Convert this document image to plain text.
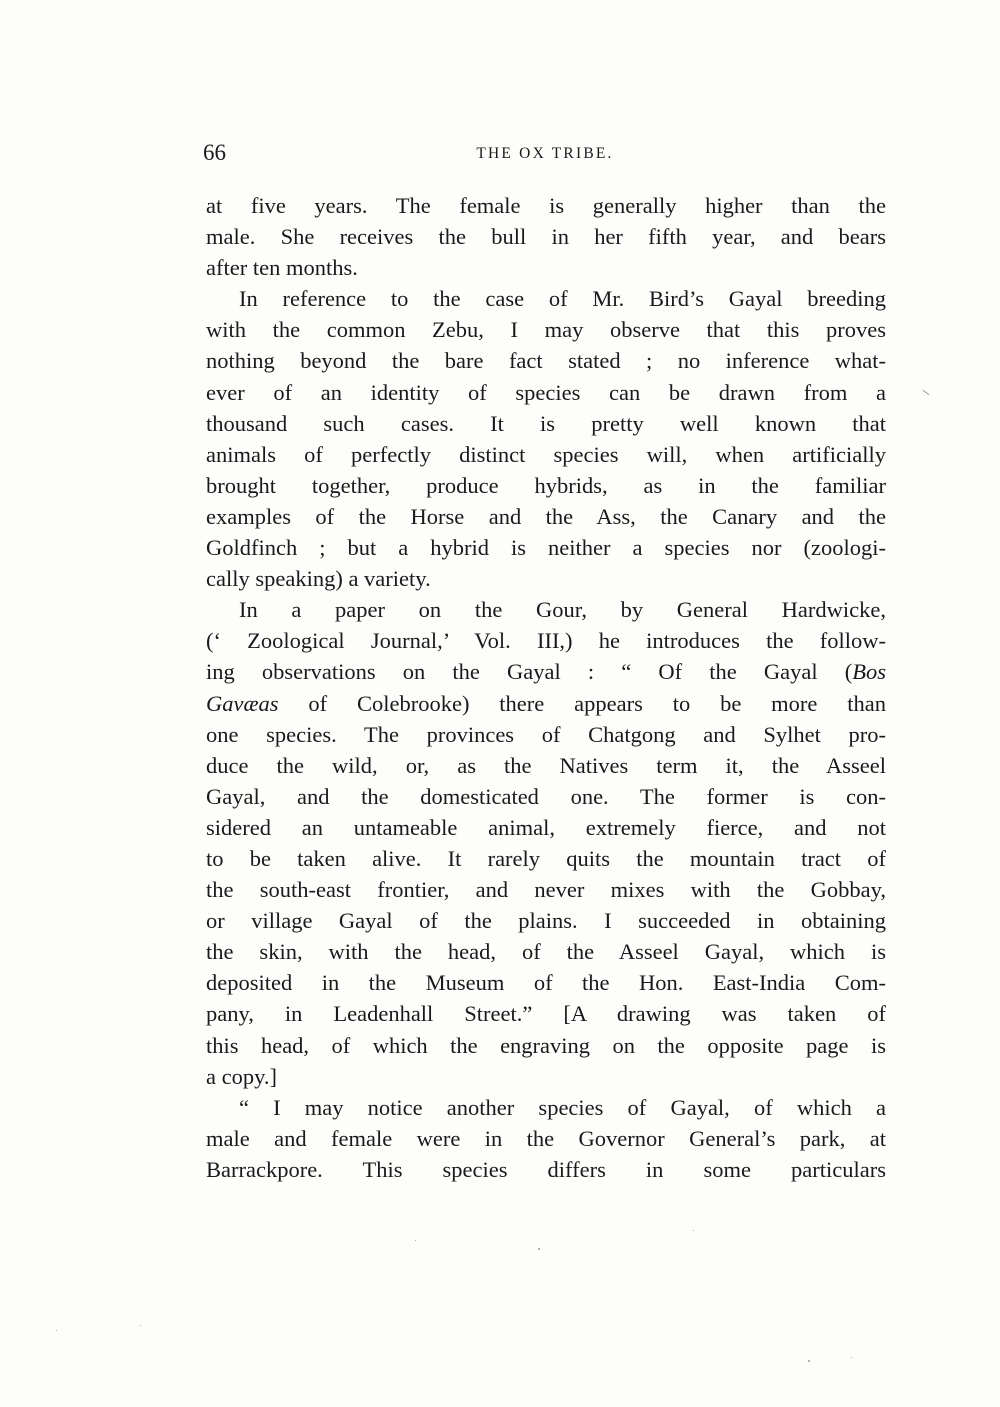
66	THE OX TRIBE.
at five years. The female is generally higher than the
male. She receives the bull in her fifth year, and bears
after ten months.
In reference to the case of Mr. Bird’s Gayal breeding
with the common Zebu, I may observe that this proves
nothing beyond the bare fact stated ; no inference what-
ever of an identity of species can be drawn from a
thousand such cases. It is pretty well known that
animals of perfectly distinct species will, when artificially
brought together, produce hybrids, as in the familiar
examples of the Horse and the Ass, the Canary and the
Goldfinch ; but a hybrid is neither a species nor (zoologi-
cally speaking) a variety.
In a paper on the Gour, by General Hardwicke,
(‘ Zoological Journal,’ Vol. III,) he introduces the follow-
ing observations on the Gayal : “ Of the Gayal (Bos
Gavæas of Colebrooke) there appears to be more than
one species. The provinces of Chatgong and Sylhet pro-
duce the wild, or, as the Natives term it, the Asseel
Gayal, and the domesticated one. The former is con-
sidered an untameable animal, extremely fierce, and not
to be taken alive. It rarely quits the mountain tract of
the south-east frontier, and never mixes with the Gobbay,
or village Gayal of the plains. I succeeded in obtaining
the skin, with the head, of the Asseel Gayal, which is
deposited in the Museum of the Hon. East-India Com-
pany, in Leadenhall Street.” [A drawing was taken of
this head, of which the engraving on the opposite page is
a copy.]
“ I may notice another species of Gayal, of which a
male and female were in the Governor General’s park, at
Barrackpore. This species differs in some particulars
